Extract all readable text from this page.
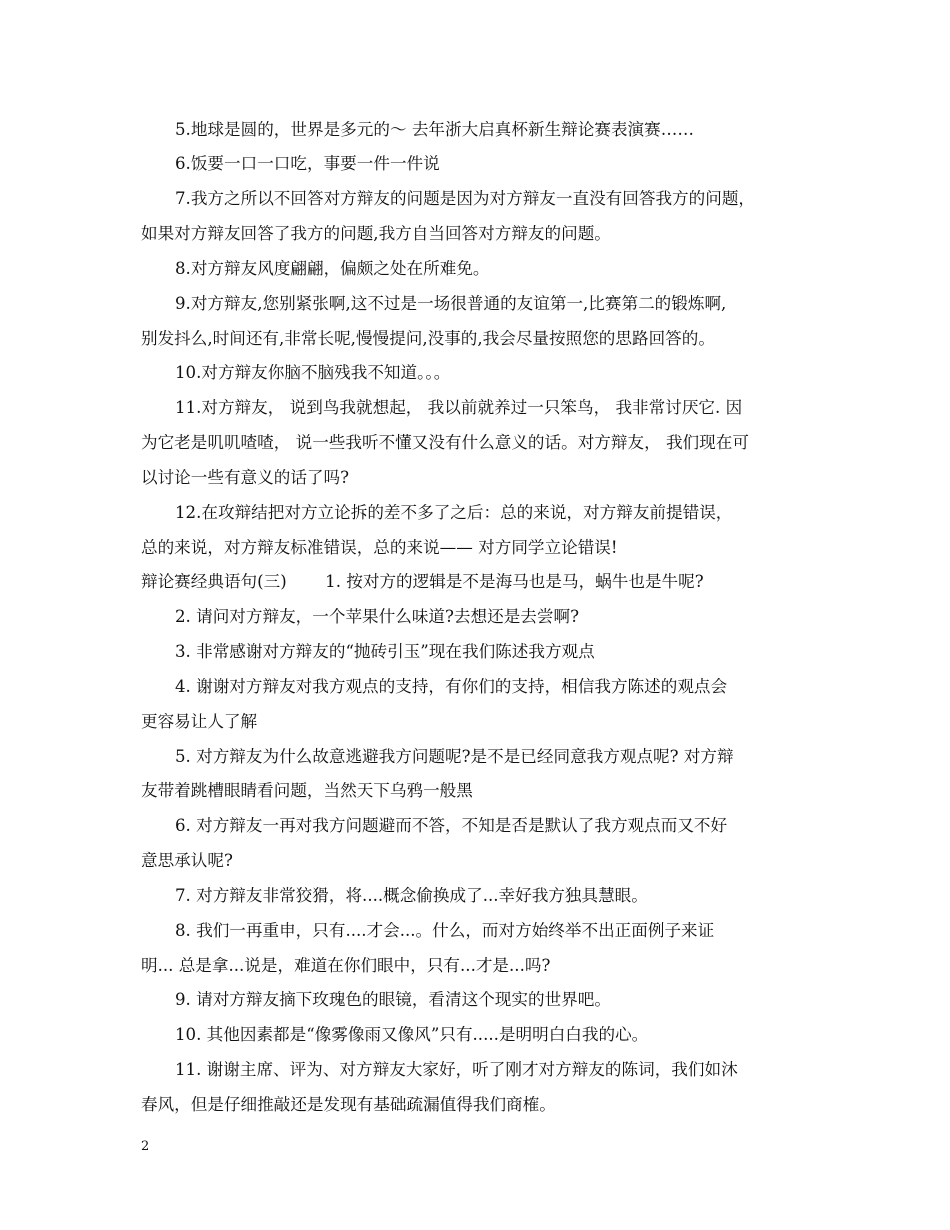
5.地球是圆的，世界是多元的～ 去年浙大启真杯新生辩论赛表演赛……
6.饭要一口一口吃，事要一件一件说
7.我方之所以不回答对方辩友的问题是因为对方辩友一直没有回答我方的问题，
如果对方辩友回答了我方的问题,我方自当回答对方辩友的问题。
8.对方辩友风度翩翩，偏颇之处在所难免。
9.对方辩友,您别紧张啊,这不过是一场很普通的友谊第一,比赛第二的锻炼啊,
别发抖么,时间还有,非常长呢,慢慢提问,没事的,我会尽量按照您的思路回答的。
10.对方辩友你脑不脑残我不知道。。。
11.对方辩友， 说到鸟我就想起， 我以前就养过一只笨鸟， 我非常讨厌它. 因
为它老是叽叽喳喳， 说一些我听不懂又没有什么意义的话。对方辩友， 我们现在可
以讨论一些有意义的话了吗?
12.在攻辩结把对方立论拆的差不多了之后：总的来说，对方辩友前提错误，
总的来说，对方辩友标准错误，总的来说—— 对方同学立论错误!
辩论赛经典语句(三)　　 1. 按对方的逻辑是不是海马也是马，蜗牛也是牛呢?
2. 请问对方辩友，一个苹果什么味道?去想还是去尝啊?
3. 非常感谢对方辩友的“抛砖引玉”现在我们陈述我方观点
4. 谢谢对方辩友对我方观点的支持，有你们的支持，相信我方陈述的观点会
更容易让人了解
5. 对方辩友为什么故意逃避我方问题呢?是不是已经同意我方观点呢? 对方辩
友带着跳槽眼睛看问题，当然天下乌鸦一般黑
6. 对方辩友一再对我方问题避而不答，不知是否是默认了我方观点而又不好
意思承认呢?
7. 对方辩友非常狡猾，将....概念偷换成了...幸好我方独具慧眼。
8. 我们一再重申，只有....才会...。什么，而对方始终举不出正面例子来证
明... 总是拿...说是，难道在你们眼中，只有...才是...吗?
9. 请对方辩友摘下玫瑰色的眼镜，看清这个现实的世界吧。
10. 其他因素都是“像雾像雨又像风”只有.....是明明白白我的心。
11. 谢谢主席、评为、对方辩友大家好，听了刚才对方辩友的陈词，我们如沐
春风，但是仔细推敲还是发现有基础疏漏值得我们商榷。
2
